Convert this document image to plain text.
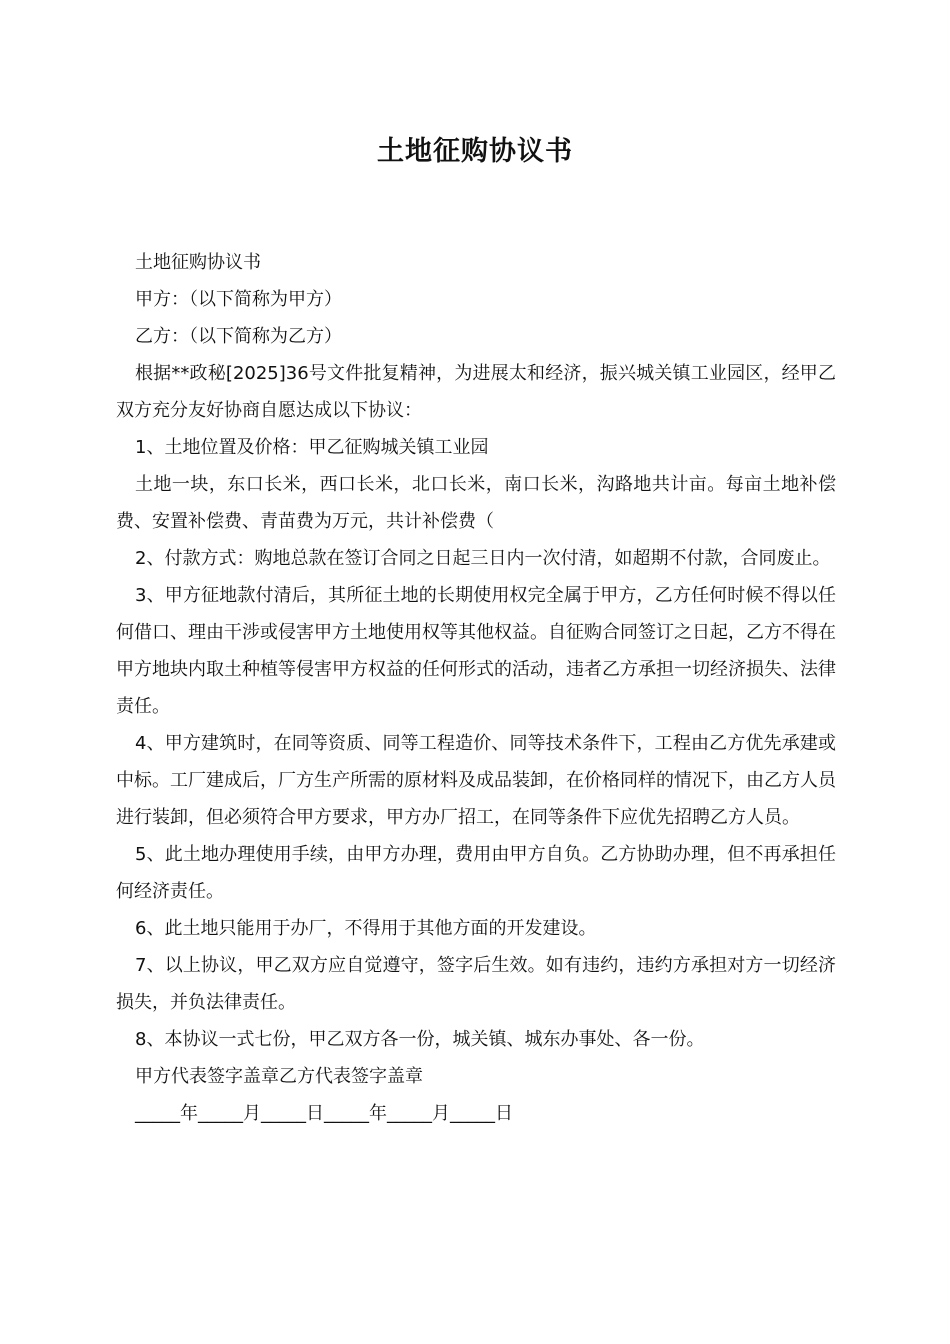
土地征购协议书

土地征购协议书

甲方：（以下简称为甲方）

乙方：（以下简称为乙方）

根据**政秘[2025]36号文件批复精神，为进展太和经济，振兴城关镇工业园区，经甲乙双方充分友好协商自愿达成以下协议：

1、土地位置及价格：甲乙征购城关镇工业园

土地一块，东口长米，西口长米，北口长米，南口长米，沟路地共计亩。每亩土地补偿费、安置补偿费、青苗费为万元，共计补偿费（

2、付款方式：购地总款在签订合同之日起三日内一次付清，如超期不付款，合同废止。

3、甲方征地款付清后，其所征土地的长期使用权完全属于甲方，乙方任何时候不得以任何借口、理由干涉或侵害甲方土地使用权等其他权益。自征购合同签订之日起，乙方不得在甲方地块内取土种植等侵害甲方权益的任何形式的活动，违者乙方承担一切经济损失、法律责任。

4、甲方建筑时，在同等资质、同等工程造价、同等技术条件下，工程由乙方优先承建或中标。工厂建成后，厂方生产所需的原材料及成品装卸，在价格同样的情况下，由乙方人员进行装卸，但必须符合甲方要求，甲方办厂招工，在同等条件下应优先招聘乙方人员。

5、此土地办理使用手续，由甲方办理，费用由甲方自负。乙方协助办理，但不再承担任何经济责任。

6、此土地只能用于办厂，不得用于其他方面的开发建设。

7、以上协议，甲乙双方应自觉遵守，签字后生效。如有违约，违约方承担对方一切经济损失，并负法律责任。

8、本协议一式七份，甲乙双方各一份，城关镇、城东办事处、各一份。

甲方代表签字盖章乙方代表签字盖章

_____年_____月_____日_____年_____月_____日
